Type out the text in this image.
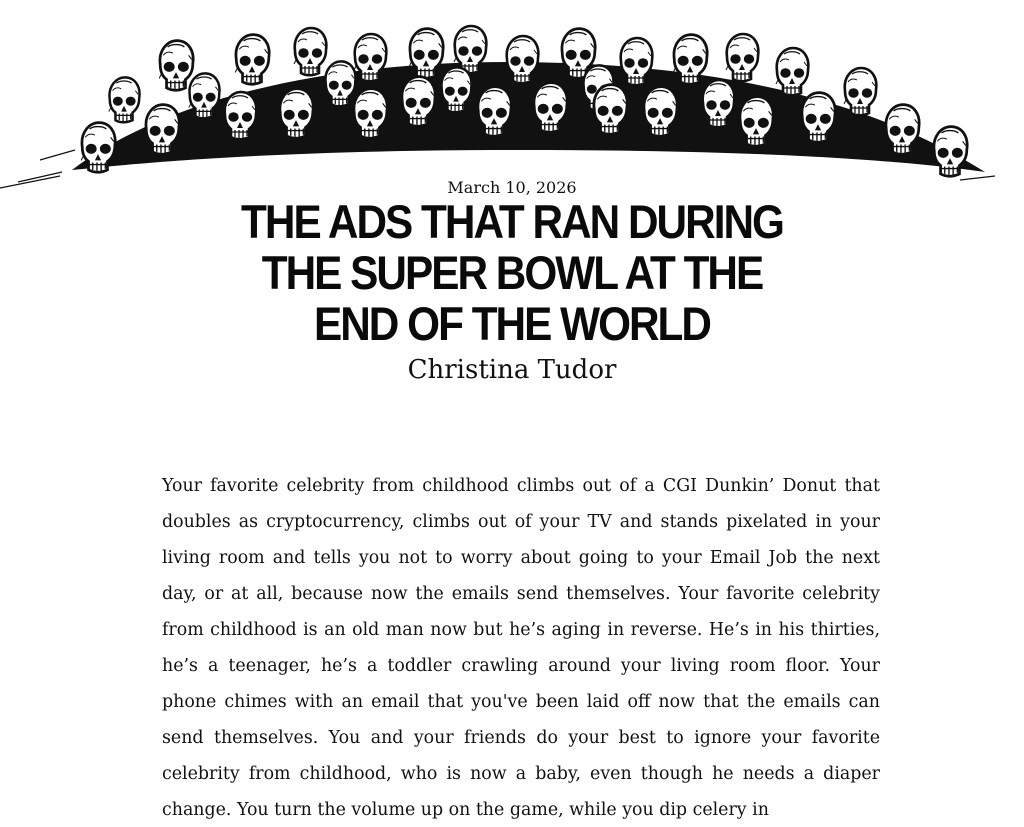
March 10, 2026
THE ADS THAT RAN DURING THE SUPER BOWL AT THE END OF THE WORLD
Christina Tudor

Your favorite celebrity from childhood climbs out of a CGI Dunkin’ Donut that doubles as cryptocurrency, climbs out of your TV and stands pixelated in your living room and tells you not to worry about going to your Email Job the next day, or at all, because now the emails send themselves. Your favorite celebrity from childhood is an old man now but he’s aging in reverse. He’s in his thirties, he’s a teenager, he’s a toddler crawling around your living room floor. Your phone chimes with an email that you've been laid off now that the emails can send themselves. You and your friends do your best to ignore your favorite celebrity from childhood, who is now a baby, even though he needs a diaper change. You turn the volume up on the game, while you dip celery in
